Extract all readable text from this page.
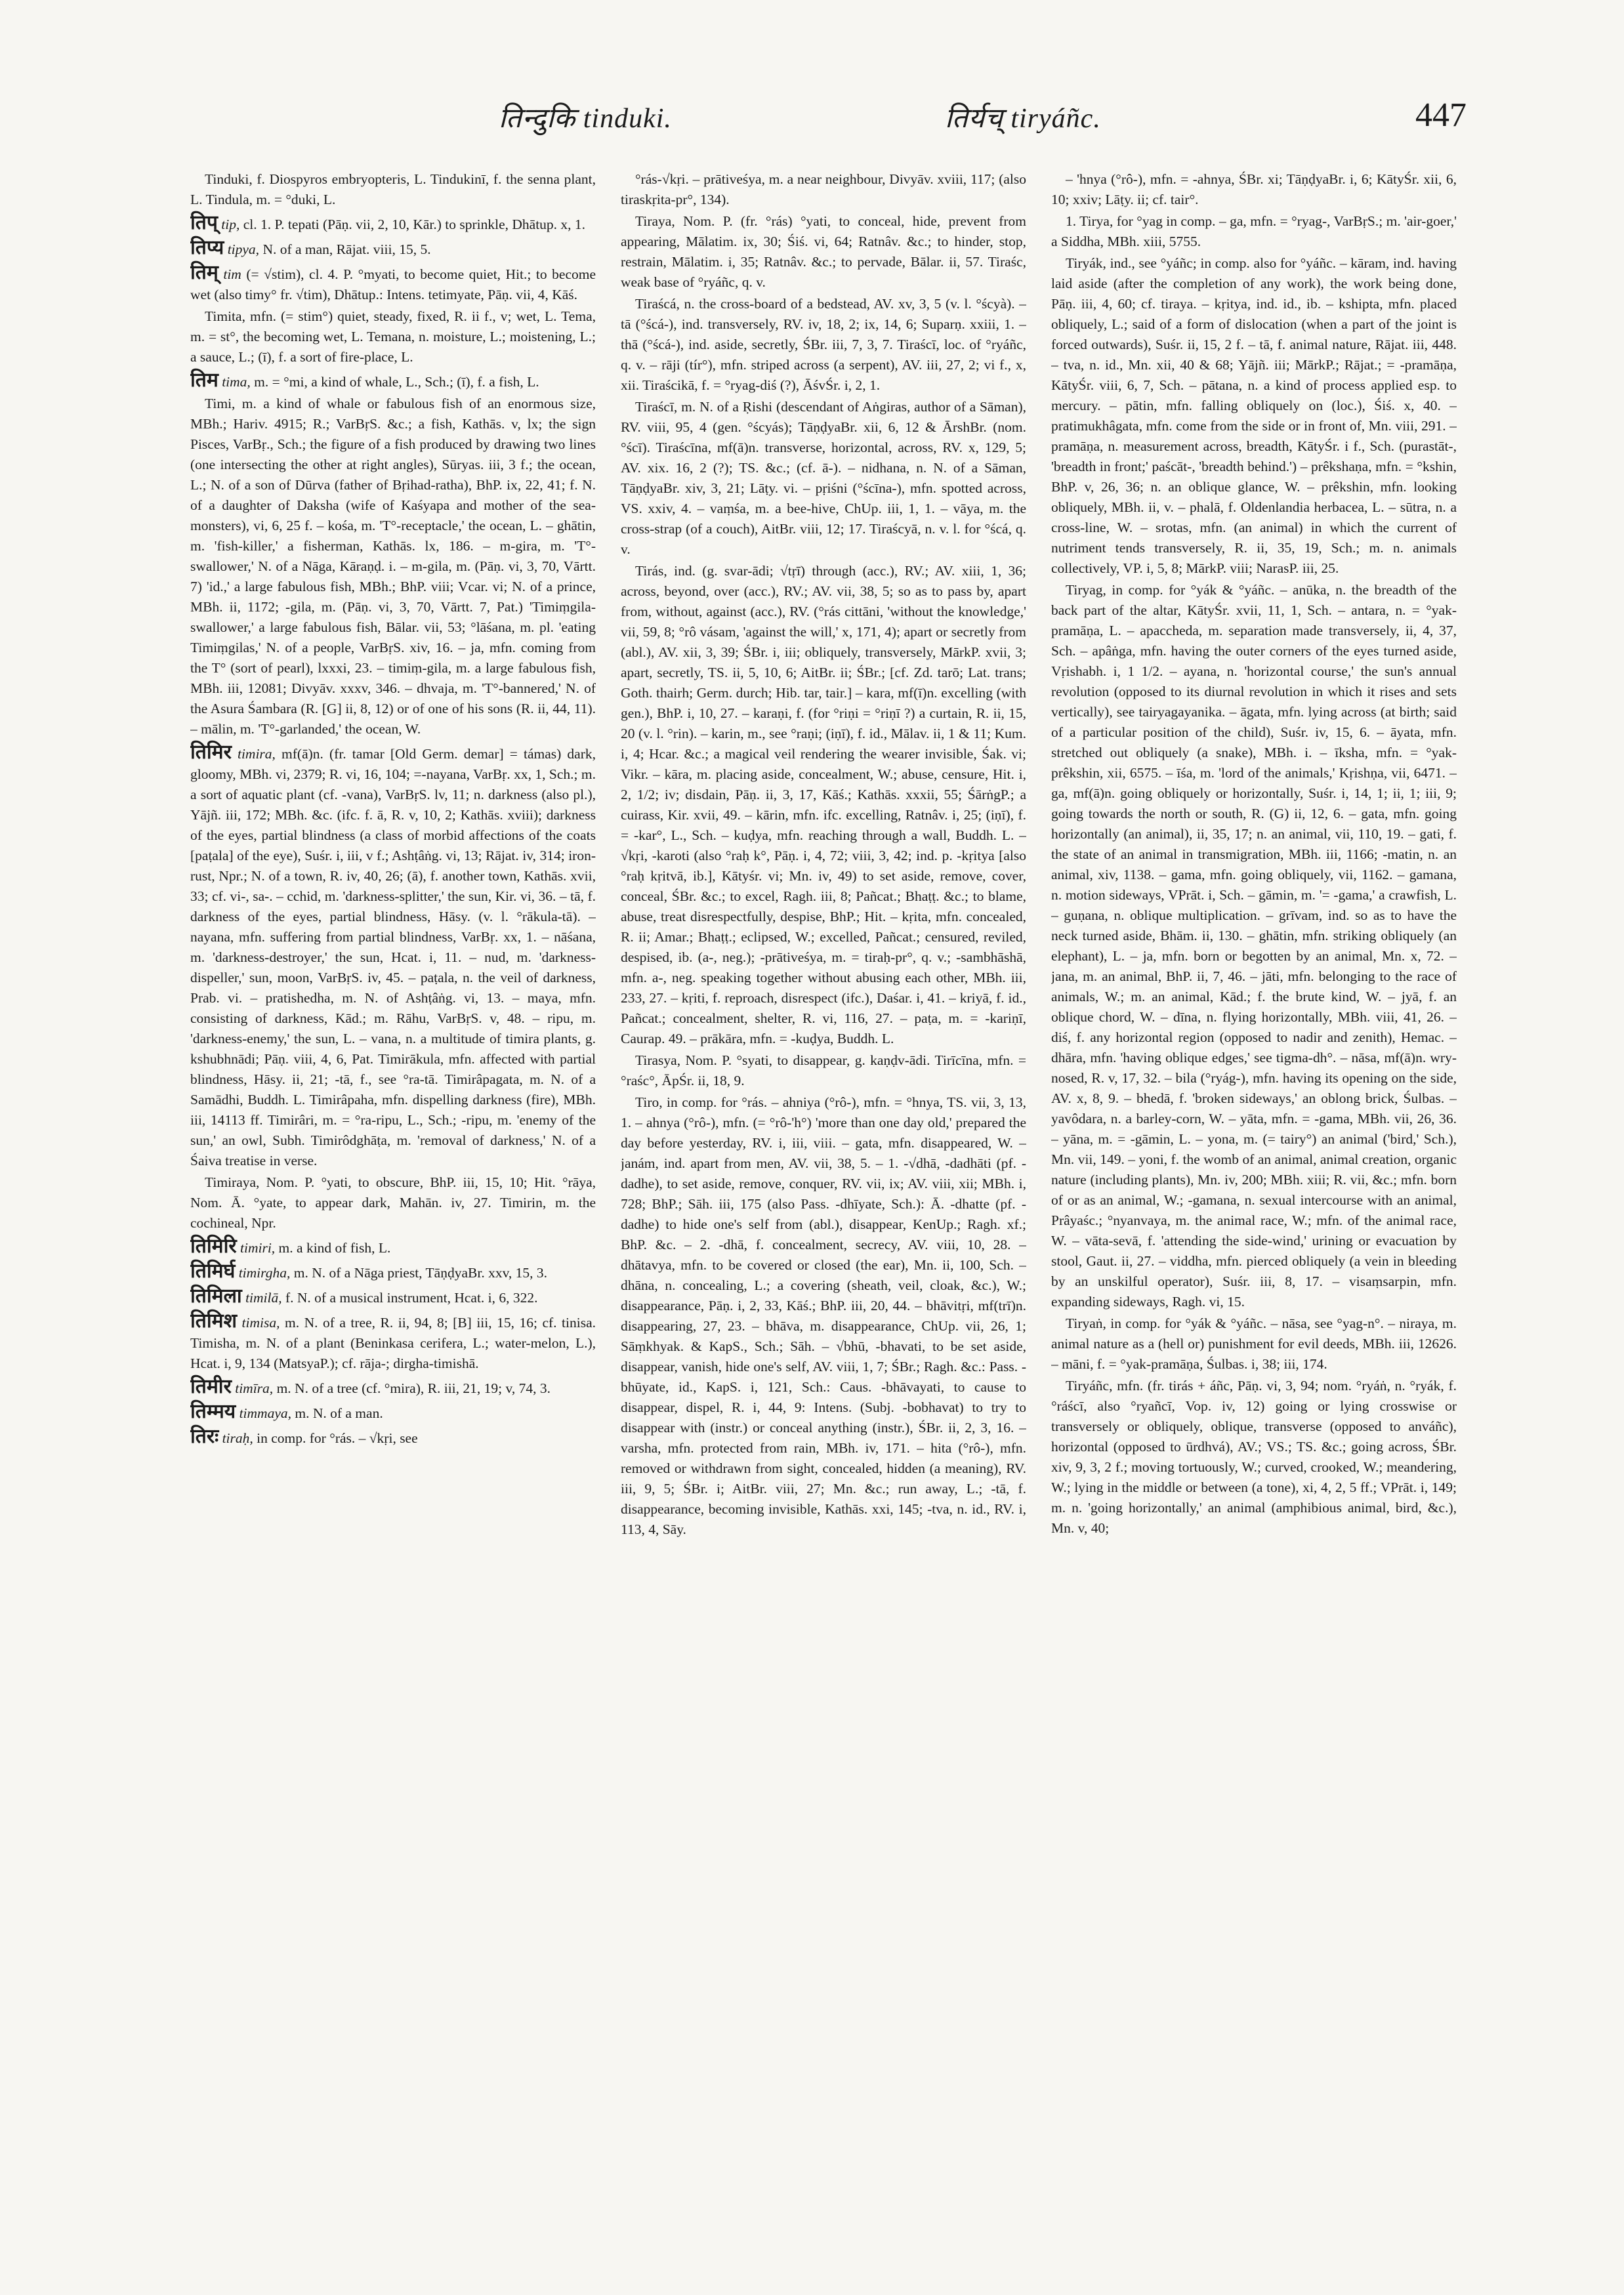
तिन्दुकि tinduki.	तिर्यच् tiryáñc.	447

Tinduki, f. Diospyros embryopteris, L. Tindukinī, f. the senna plant, L. Tindula, m. = °duki, L.

तिप् tip, cl. 1. P. tepati (Pāṇ. vii, 2, 10, Kār.) to sprinkle, Dhātup. x, 1.

तिप्य tipya, N. of a man, Rājat. viii, 15, 5.

तिम् tim (= √stim), cl. 4. P. °myati, to become quiet, Hit.; to become wet (also timy° fr. √tim), Dhātup.: Intens. tetimyate, Pāṇ. vii, 4, Kāś.

Timita, mfn. (= stim°) quiet, steady, fixed, R. ii f., v; wet, L. Tema, m. = st°, the becoming wet, L. Temana, n. moisture, L.; moistening, L.; a sauce, L.; (ī), f. a sort of fire-place, L.

तिम tima, m. = °mi, a kind of whale, L., Sch.; (ī), f. a fish, L.

Timi, m. a kind of whale or fabulous fish of an enormous size, MBh.; Hariv. 4915; R.; VarBṛS. &c.; a fish, Kathās. v, lx; the sign Pisces, VarBṛ., Sch.; the figure of a fish produced by drawing two lines (one intersecting the other at right angles), Sūryas. iii, 3 f.; the ocean, L.; N. of a son of Dūrva (father of Bṛihad-ratha), BhP. ix, 22, 41; f. N. of a daughter of Daksha (wife of Kaśyapa and mother of the sea-monsters), vi, 6, 25 f. – kośa, m. 'T°-receptacle,' the ocean, L. – ghātin, m. 'fish-killer,' a fisherman, Kathās. lx, 186. – m-gira, m. 'T°-swallower,' N. of a Nāga, Kāraṇḍ. i. – m-gila, m. (Pāṇ. vi, 3, 70, Vārtt. 7) 'id.,' a large fabulous fish, MBh.; BhP. viii; Vcar. vi; N. of a prince, MBh. ii, 1172; -gila, m. (Pāṇ. vi, 3, 70, Vārtt. 7, Pat.) 'Timiṃgila-swallower,' a large fabulous fish, Bālar. vii, 53; °lāśana, m. pl. 'eating Timiṃgilas,' N. of a people, VarBṛS. xiv, 16. – ja, mfn. coming from the T° (sort of pearl), lxxxi, 23. – timiṃ-gila, m. a large fabulous fish, MBh. iii, 12081; Divyāv. xxxv, 346. – dhvaja, m. 'T°-bannered,' N. of the Asura Śambara (R. [G] ii, 8, 12) or of one of his sons (R. ii, 44, 11). – mālin, m. 'T°-garlanded,' the ocean, W.

तिमिर timira, mf(ā)n. (fr. tamar [Old Germ. demar] = támas) dark, gloomy, MBh. vi, 2379; R. vi, 16, 104; =-nayana, VarBṛ. xx, 1, Sch.; m. a sort of aquatic plant (cf. -vana), VarBṛS. lv, 11; n. darkness (also pl.), Yājñ. iii, 172; MBh. &c. (ifc. f. ā, R. v, 10, 2; Kathās. xviii); darkness of the eyes, partial blindness (a class of morbid affections of the coats [paṭala] of the eye), Suśr. i, iii, v f.; Ashṭâṅg. vi, 13; Rājat. iv, 314; iron-rust, Npr.; N. of a town, R. iv, 40, 26; (ā), f. another town, Kathās. xvii, 33; cf. vi-, sa-. – cchid, m. 'darkness-splitter,' the sun, Kir. vi, 36. – tā, f. darkness of the eyes, partial blindness, Hāsy. (v. l. °rākula-tā). – nayana, mfn. suffering from partial blindness, VarBṛ. xx, 1. – nāśana, m. 'darkness-destroyer,' the sun, Hcat. i, 11. – nud, m. 'darkness-dispeller,' sun, moon, VarBṛS. iv, 45. – paṭala, n. the veil of darkness, Prab. vi. – pratishedha, m. N. of Ashṭâṅg. vi, 13. – maya, mfn. consisting of darkness, Kād.; m. Rāhu, VarBṛS. v, 48. – ripu, m. 'darkness-enemy,' the sun, L. – vana, n. a multitude of timira plants, g. kshubhnādi; Pāṇ. viii, 4, 6, Pat. Timirākula, mfn. affected with partial blindness, Hāsy. ii, 21; -tā, f., see °ra-tā. Timirâpagata, m. N. of a Samādhi, Buddh. L. Timirâpaha, mfn. dispelling darkness (fire), MBh. iii, 14113 ff. Timirâri, m. = °ra-ripu, L., Sch.; -ripu, m. 'enemy of the sun,' an owl, Subh. Timirôdghāṭa, m. 'removal of darkness,' N. of a Śaiva treatise in verse.

Timiraya, Nom. P. °yati, to obscure, BhP. iii, 15, 10; Hit. °rāya, Nom. Ā. °yate, to appear dark, Mahān. iv, 27. Timirin, m. the cochineal, Npr.

तिमिरि timiri, m. a kind of fish, L.

तिमिर्घ timirgha, m. N. of a Nāga priest, TāṇḍyaBr. xxv, 15, 3.

तिमिला timilā, f. N. of a musical instrument, Hcat. i, 6, 322.

तिमिश timisa, m. N. of a tree, R. ii, 94, 8; [B] iii, 15, 16; cf. tinisa. Timisha, m. N. of a plant (Beninkasa cerifera, L.; water-melon, L.), Hcat. i, 9, 134 (MatsyaP.); cf. rāja-; dirgha-timishā.

तिमीर timīra, m. N. of a tree (cf. °mira), R. iii, 21, 19; v, 74, 3.

तिम्मय timmaya, m. N. of a man.

तिरः tiraḥ, in comp. for °rás. – √kṛi, see

°rás-√kṛi. – prātiveśya, m. a near neighbour, Divyāv. xviii, 117; (also tiraskṛita-pr°, 134).

Tiraya, Nom. P. (fr. °rás) °yati, to conceal, hide, prevent from appearing, Mālatim. ix, 30; Śiś. vi, 64; Ratnâv. &c.; to hinder, stop, restrain, Mālatim. i, 35; Ratnâv. &c.; to pervade, Bālar. ii, 57. Tiraśc, weak base of °ryáñc, q. v.

Tiraścá, n. the cross-board of a bedstead, AV. xv, 3, 5 (v. l. °ścyà). – tā (°ścá-), ind. transversely, RV. iv, 18, 2; ix, 14, 6; Suparṇ. xxiii, 1. – thā (°ścá-), ind. aside, secretly, ŚBr. iii, 7, 3, 7. Tiraścī, loc. of °ryáñc, q. v. – rāji (tír°), mfn. striped across (a serpent), AV. iii, 27, 2; vi f., x, xii. Tiraścikā, f. = °ryag-diś (?), ĀśvŚr. i, 2, 1.

Tiraścī, m. N. of a Ṛishi (descendant of Aṅgiras, author of a Sāman), RV. viii, 95, 4 (gen. °ścyás); TāṇḍyaBr. xii, 6, 12 & ĀrshBr. (nom. °ścī). Tiraścīna, mf(ā)n. transverse, horizontal, across, RV. x, 129, 5; AV. xix. 16, 2 (?); TS. &c.; (cf. ā-). – nidhana, n. N. of a Sāman, TāṇḍyaBr. xiv, 3, 21; Lāṭy. vi. – pṛiśni (°ścīna-), mfn. spotted across, VS. xxiv, 4. – vaṃśa, m. a bee-hive, ChUp. iii, 1, 1. – vāya, m. the cross-strap (of a couch), AitBr. viii, 12; 17. Tiraścyā, n. v. l. for °ścá, q. v.

Tirás, ind. (g. svar-ādi; √tṛī) through (acc.), RV.; AV. xiii, 1, 36; across, beyond, over (acc.), RV.; AV. vii, 38, 5; so as to pass by, apart from, without, against (acc.), RV. (°rás cittāni, 'without the knowledge,' vii, 59, 8; °rô vásam, 'against the will,' x, 171, 4); apart or secretly from (abl.), AV. xii, 3, 39; ŚBr. i, iii; obliquely, transversely, MārkP. xvii, 3; apart, secretly, TS. ii, 5, 10, 6; AitBr. ii; ŚBr.; [cf. Zd. tarō; Lat. trans; Goth. thairh; Germ. durch; Hib. tar, tair.] – kara, mf(ī)n. excelling (with gen.), BhP. i, 10, 27. – karaṇi, f. (for °riṇi = °riṇī ?) a curtain, R. ii, 15, 20 (v. l. °rin). – karin, m., see °raṇi; (iṇī), f. id., Mālav. ii, 1 & 11; Kum. i, 4; Hcar. &c.; a magical veil rendering the wearer invisible, Śak. vi; Vikr. – kāra, m. placing aside, concealment, W.; abuse, censure, Hit. i, 2, 1/2; iv; disdain, Pāṇ. ii, 3, 17, Kāś.; Kathās. xxxii, 55; ŚārṅgP.; a cuirass, Kir. xvii, 49. – kārin, mfn. ifc. excelling, Ratnâv. i, 25; (iṇī), f. = -kar°, L., Sch. – kuḍya, mfn. reaching through a wall, Buddh. L. – √kṛi, -karoti (also °raḥ k°, Pāṇ. i, 4, 72; viii, 3, 42; ind. p. -kṛitya [also °raḥ kṛitvā, ib.], Kātyśr. vi; Mn. iv, 49) to set aside, remove, cover, conceal, ŚBr. &c.; to excel, Ragh. iii, 8; Pañcat.; Bhaṭṭ. &c.; to blame, abuse, treat disrespectfully, despise, BhP.; Hit. – kṛita, mfn. concealed, R. ii; Amar.; Bhaṭṭ.; eclipsed, W.; excelled, Pañcat.; censured, reviled, despised, ib. (a-, neg.); -prātiveśya, m. = tiraḥ-pr°, q. v.; -sambhāshā, mfn. a-, neg. speaking together without abusing each other, MBh. iii, 233, 27. – kṛiti, f. reproach, disrespect (ifc.), Daśar. i, 41. – kriyā, f. id., Pañcat.; concealment, shelter, R. vi, 116, 27. – paṭa, m. = -kariṇī, Caurap. 49. – prākāra, mfn. = -kuḍya, Buddh. L.

Tirasya, Nom. P. °syati, to disappear, g. kaṇḍv-ādi. Tirīcīna, mfn. = °raśc°, ĀpŚr. ii, 18, 9.

Tiro, in comp. for °rás. – ahniya (°rô-), mfn. = °hnya, TS. vii, 3, 13, 1. – ahnya (°rô-), mfn. (= °rô-'h°) 'more than one day old,' prepared the day before yesterday, RV. i, iii, viii. – gata, mfn. disappeared, W. – janám, ind. apart from men, AV. vii, 38, 5. – 1. -√dhā, -dadhāti (pf. -dadhe), to set aside, remove, conquer, RV. vii, ix; AV. viii, xii; MBh. i, 728; BhP.; Sāh. iii, 175 (also Pass. -dhīyate, Sch.): Ā. -dhatte (pf. -dadhe) to hide one's self from (abl.), disappear, KenUp.; Ragh. xf.; BhP. &c. – 2. -dhā, f. concealment, secrecy, AV. viii, 10, 28. – dhātavya, mfn. to be covered or closed (the ear), Mn. ii, 100, Sch. – dhāna, n. concealing, L.; a covering (sheath, veil, cloak, &c.), W.; disappearance, Pāṇ. i, 2, 33, Kāś.; BhP. iii, 20, 44. – bhāvitṛi, mf(trī)n. disappearing, 27, 23. – bhāva, m. disappearance, ChUp. vii, 26, 1; Sāṃkhyak. & KapS., Sch.; Sāh. – √bhū, -bhavati, to be set aside, disappear, vanish, hide one's self, AV. viii, 1, 7; ŚBr.; Ragh. &c.: Pass. -bhūyate, id., KapS. i, 121, Sch.: Caus. -bhāvayati, to cause to disappear, dispel, R. i, 44, 9: Intens. (Subj. -bobhavat) to try to disappear with (instr.) or conceal anything (instr.), ŚBr. ii, 2, 3, 16. – varsha, mfn. protected from rain, MBh. iv, 171. – hita (°rô-), mfn. removed or withdrawn from sight, concealed, hidden (a meaning), RV. iii, 9, 5; ŚBr. i; AitBr. viii, 27; Mn. &c.; run away, L.; -tā, f. disappearance, becoming invisible, Kathās. xxi, 145; -tva, n. id., RV. i, 113, 4, Sāy.

– 'hnya (°rô-), mfn. = -ahnya, ŚBr. xi; TāṇḍyaBr. i, 6; KātyŚr. xii, 6, 10; xxiv; Lāṭy. ii; cf. tair°.

1. Tirya, for °yag in comp. – ga, mfn. = °ryag-, VarBṛS.; m. 'air-goer,' a Siddha, MBh. xiii, 5755.

Tiryák, ind., see °yáñc; in comp. also for °yáñc. – kāram, ind. having laid aside (after the completion of any work), the work being done, Pāṇ. iii, 4, 60; cf. tiraya. – kṛitya, ind. id., ib. – kshipta, mfn. placed obliquely, L.; said of a form of dislocation (when a part of the joint is forced outwards), Suśr. ii, 15, 2 f. – tā, f. animal nature, Rājat. iii, 448. – tva, n. id., Mn. xii, 40 & 68; Yājñ. iii; MārkP.; Rājat.; = -pramāṇa, KātyŚr. viii, 6, 7, Sch. – pātana, n. a kind of process applied esp. to mercury. – pātin, mfn. falling obliquely on (loc.), Śiś. x, 40. – pratimukhâgata, mfn. come from the side or in front of, Mn. viii, 291. – pramāṇa, n. measurement across, breadth, KātyŚr. i f., Sch. (purastāt-, 'breadth in front;' paścāt-, 'breadth behind.') – prêkshaṇa, mfn. = °kshin, BhP. v, 26, 36; n. an oblique glance, W. – prêkshin, mfn. looking obliquely, MBh. ii, v. – phalā, f. Oldenlandia herbacea, L. – sūtra, n. a cross-line, W. – srotas, mfn. (an animal) in which the current of nutriment tends transversely, R. ii, 35, 19, Sch.; m. n. animals collectively, VP. i, 5, 8; MārkP. viii; NarasP. iii, 25.

Tiryag, in comp. for °yák & °yáñc. – anūka, n. the breadth of the back part of the altar, KātyŚr. xvii, 11, 1, Sch. – antara, n. = °yak-pramāṇa, L. – apaccheda, m. separation made transversely, ii, 4, 37, Sch. – apâṅga, mfn. having the outer corners of the eyes turned aside, Vṛishabh. i, 1 1/2. – ayana, n. 'horizontal course,' the sun's annual revolution (opposed to its diurnal revolution in which it rises and sets vertically), see tairyagayanika. – āgata, mfn. lying across (at birth; said of a particular position of the child), Suśr. iv, 15, 6. – āyata, mfn. stretched out obliquely (a snake), MBh. i. – īksha, mfn. = °yak-prêkshin, xii, 6575. – īśa, m. 'lord of the animals,' Kṛishṇa, vii, 6471. – ga, mf(ā)n. going obliquely or horizontally, Suśr. i, 14, 1; ii, 1; iii, 9; going towards the north or south, R. (G) ii, 12, 6. – gata, mfn. going horizontally (an animal), ii, 35, 17; n. an animal, vii, 110, 19. – gati, f. the state of an animal in transmigration, MBh. iii, 1166; -matin, n. an animal, xiv, 1138. – gama, mfn. going obliquely, vii, 1162. – gamana, n. motion sideways, VPrāt. i, Sch. – gāmin, m. '= -gama,' a crawfish, L. – guṇana, n. oblique multiplication. – grīvam, ind. so as to have the neck turned aside, Bhām. ii, 130. – ghātin, mfn. striking obliquely (an elephant), L. – ja, mfn. born or begotten by an animal, Mn. x, 72. – jana, m. an animal, BhP. ii, 7, 46. – jāti, mfn. belonging to the race of animals, W.; m. an animal, Kād.; f. the brute kind, W. – jyā, f. an oblique chord, W. – dīna, n. flying horizontally, MBh. viii, 41, 26. – diś, f. any horizontal region (opposed to nadir and zenith), Hemac. – dhāra, mfn. 'having oblique edges,' see tigma-dh°. – nāsa, mf(ā)n. wry-nosed, R. v, 17, 32. – bila (°ryág-), mfn. having its opening on the side, AV. x, 8, 9. – bhedā, f. 'broken sideways,' an oblong brick, Śulbas. – yavôdara, n. a barley-corn, W. – yāta, mfn. = -gama, MBh. vii, 26, 36. – yāna, m. = -gāmin, L. – yona, m. (= tairy°) an animal ('bird,' Sch.), Mn. vii, 149. – yoni, f. the womb of an animal, animal creation, organic nature (including plants), Mn. iv, 200; MBh. xiii; R. vii, &c.; mfn. born of or as an animal, W.; -gamana, n. sexual intercourse with an animal, Prâyaśc.; °nyanvaya, m. the animal race, W.; mfn. of the animal race, W. – vāta-sevā, f. 'attending the side-wind,' urining or evacuation by stool, Gaut. ii, 27. – viddha, mfn. pierced obliquely (a vein in bleeding by an unskilful operator), Suśr. iii, 8, 17. – visaṃsarpin, mfn. expanding sideways, Ragh. vi, 15.

Tiryaṅ, in comp. for °yák & °yáñc. – nāsa, see °yag-n°. – niraya, m. animal nature as a (hell or) punishment for evil deeds, MBh. iii, 12626. – māni, f. = °yak-pramāṇa, Śulbas. i, 38; iii, 174.

Tiryáñc, mfn. (fr. tirás + áñc, Pāṇ. vi, 3, 94; nom. °ryáṅ, n. °ryák, f. °ráścī, also °ryañcī, Vop. iv, 12) going or lying crosswise or transversely or obliquely, oblique, transverse (opposed to anváñc), horizontal (opposed to ūrdhvá), AV.; VS.; TS. &c.; going across, ŚBr. xiv, 9, 3, 2 f.; moving tortuously, W.; curved, crooked, W.; meandering, W.; lying in the middle or between (a tone), xi, 4, 2, 5 ff.; VPrāt. i, 149; m. n. 'going horizontally,' an animal (amphibious animal, bird, &c.), Mn. v, 40;
